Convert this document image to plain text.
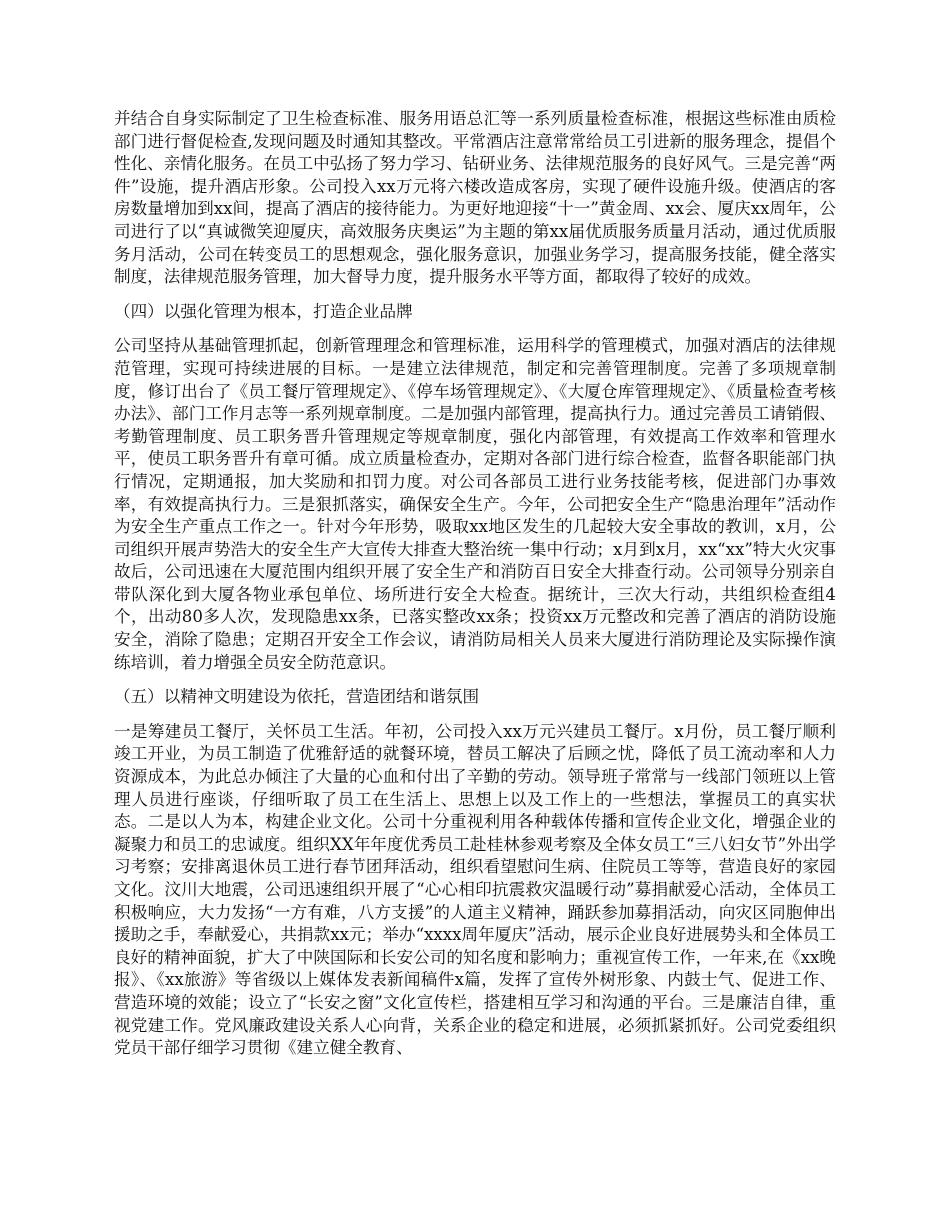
并结合自身实际制定了卫生检查标准、服务用语总汇等一系列质量检查标准，根据这些标准由质检部门进行督促检查,发现问题及时通知其整改。平常酒店注意常常给员工引进新的服务理念，提倡个性化、亲情化服务。在员工中弘扬了努力学习、钻研业务、法律规范服务的良好风气。三是完善“两件”设施，提升酒店形象。公司投入xx万元将六楼改造成客房，实现了硬件设施升级。使酒店的客房数量增加到xx间，提高了酒店的接待能力。为更好地迎接“十一”黄金周、xx会、厦庆xx周年，公司进行了以“真诚微笑迎厦庆，高效服务庆奥运”为主题的第xx届优质服务质量月活动，通过优质服务月活动，公司在转变员工的思想观念，强化服务意识，加强业务学习，提高服务技能，健全落实制度，法律规范服务管理，加大督导力度，提升服务水平等方面，都取得了较好的成效。

（四）以强化管理为根本，打造企业品牌

公司坚持从基础管理抓起，创新管理理念和管理标准，运用科学的管理模式，加强对酒店的法律规范管理，实现可持续进展的目标。一是建立法律规范，制定和完善管理制度。完善了多项规章制度，修订出台了《员工餐厅管理规定》、《停车场管理规定》、《大厦仓库管理规定》、《质量检查考核办法》、部门工作月志等一系列规章制度。二是加强内部管理，提高执行力。通过完善员工请销假、考勤管理制度、员工职务晋升管理规定等规章制度，强化内部管理，有效提高工作效率和管理水平，使员工职务晋升有章可循。成立质量检查办，定期对各部门进行综合检查，监督各职能部门执行情况，定期通报，加大奖励和扣罚力度。对公司各部员工进行业务技能考核，促进部门办事效率，有效提高执行力。三是狠抓落实，确保安全生产。今年，公司把安全生产“隐患治理年”活动作为安全生产重点工作之一。针对今年形势，吸取xx地区发生的几起较大安全事故的教训，x月，公司组织开展声势浩大的安全生产大宣传大排查大整治统一集中行动；x月到x月，xx“xx”特大火灾事故后，公司迅速在大厦范围内组织开展了安全生产和消防百日安全大排查行动。公司领导分别亲自带队深化到大厦各物业承包单位、场所进行安全大检查。据统计，三次大行动，共组织检查组4个，出动80多人次，发现隐患xx条，已落实整改xx条；投资xx万元整改和完善了酒店的消防设施安全，消除了隐患；定期召开安全工作会议，请消防局相关人员来大厦进行消防理论及实际操作演练培训，着力增强全员安全防范意识。

（五）以精神文明建设为依托，营造团结和谐氛围

一是筹建员工餐厅，关怀员工生活。年初，公司投入xx万元兴建员工餐厅。x月份，员工餐厅顺利竣工开业，为员工制造了优雅舒适的就餐环境，替员工解决了后顾之忧，降低了员工流动率和人力资源成本，为此总办倾注了大量的心血和付出了辛勤的劳动。领导班子常常与一线部门领班以上管理人员进行座谈，仔细听取了员工在生活上、思想上以及工作上的一些想法，掌握员工的真实状态。二是以人为本，构建企业文化。公司十分重视利用各种载体传播和宣传企业文化，增强企业的凝聚力和员工的忠诚度。组织XX年年度优秀员工赴桂林参观考察及全体女员工“三八妇女节”外出学习考察；安排离退休员工进行春节团拜活动，组织看望慰问生病、住院员工等等，营造良好的家园文化。汶川大地震，公司迅速组织开展了“心心相印抗震救灾温暖行动”募捐献爱心活动，全体员工积极响应，大力发扬“一方有难，八方支援”的人道主义精神，踊跃参加募捐活动，向灾区同胞伸出援助之手，奉献爱心，共捐款xx元；举办“xxxx周年厦庆”活动，展示企业良好进展势头和全体员工良好的精神面貌，扩大了中陕国际和长安公司的知名度和影响力；重视宣传工作，一年来,在《xx晚报》、《xx旅游》等省级以上媒体发表新闻稿件x篇，发挥了宣传外树形象、内鼓士气、促进工作、营造环境的效能；设立了“长安之窗”文化宣传栏，搭建相互学习和沟通的平台。三是廉洁自律，重视党建工作。党风廉政建设关系人心向背，关系企业的稳定和进展，必须抓紧抓好。公司党委组织党员干部仔细学习贯彻《建立健全教育、
